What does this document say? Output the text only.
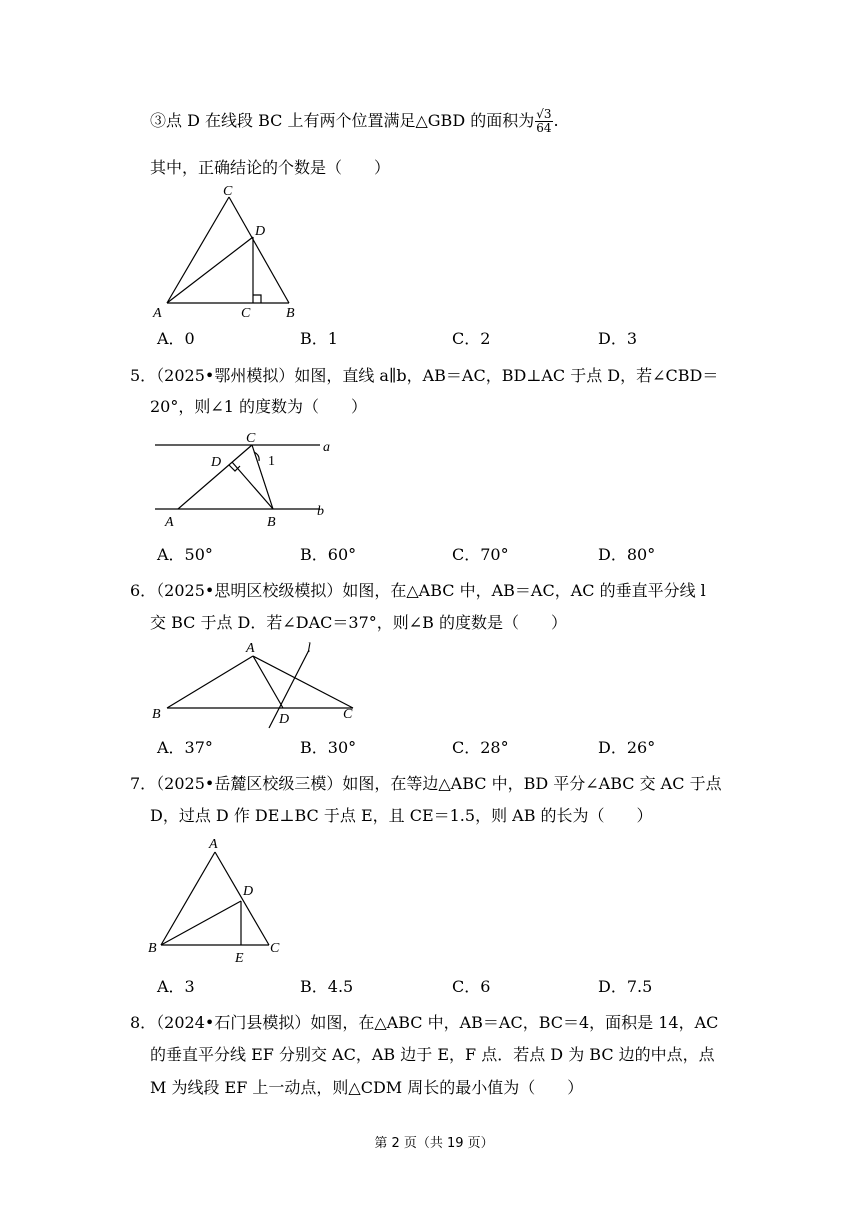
③点 D 在线段 BC 上有两个位置满足△GBD 的面积为 $\frac{√3}{64}$ .
其中，正确结论的个数是（　　）
C
D
A	C	B
A．0	B．1	C．2	D．3
5．（2025•鄂州模拟）如图，直线 a∥b，AB＝AC，BD⊥AC 于点 D，若∠CBD＝
20°，则∠1 的度数为（　　）
C
a
D	1
A	B
b
A．50°	B．60°	C．70°	D．80°
6．（2025•思明区校级模拟）如图，在△ABC 中，AB＝AC，AC 的垂直平分线 l
交 BC 于点 D．若∠DAC＝37°，则∠B 的度数是（　　）
A	l
B	D	C
A．37°	B．30°	C．28°	D．26°
7．（2025•岳麓区校级三模）如图，在等边△ABC 中，BD 平分∠ABC 交 AC 于点
D，过点 D 作 DE⊥BC 于点 E，且 CE＝1.5，则 AB 的长为（　　）
A
D
B
E
C
A．3	B．4.5	C．6	D．7.5
8．（2024•石门县模拟）如图，在△ABC 中，AB＝AC，BC＝4，面积是 14，AC
的垂直平分线 EF 分别交 AC，AB 边于 E，F 点．若点 D 为 BC 边的中点，点
M 为线段 EF 上一动点，则△CDM 周长的最小值为（　　）
第 2 页（共 19 页）
